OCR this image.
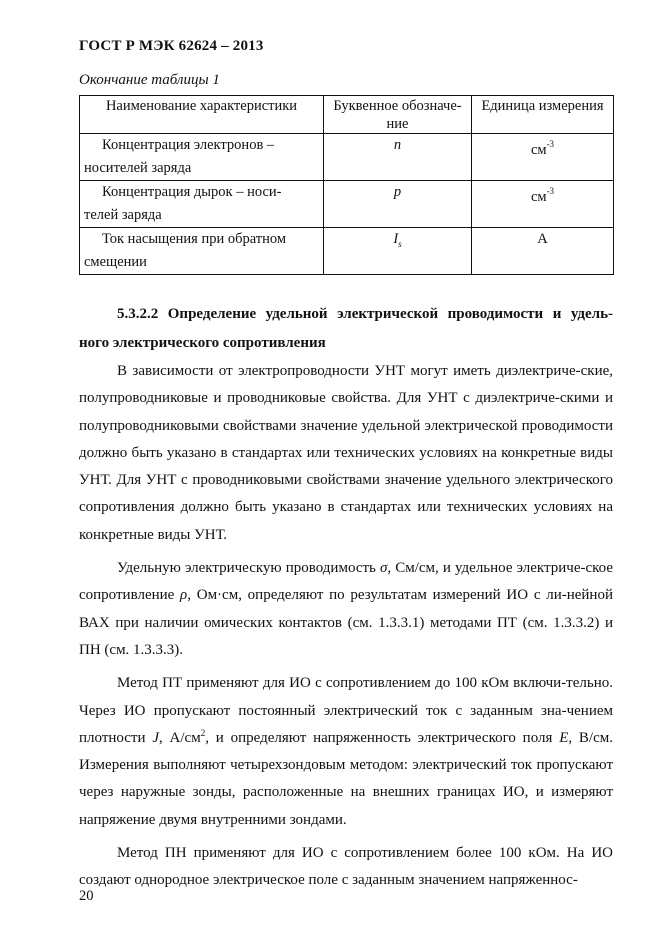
ГОСТ Р МЭК 62624 – 2013
Окончание таблицы 1
Наименование характеристики	Буквенное обозначе-ние	Единица измерения

Концентрация электронов –
носителей заряда	n	$см^{-3}$

Концентрация дырок – носи-
телей заряда	p	$см^{-3}$

Ток насыщения при обратном
смещении	$I_s$	А
5.3.2.2 Определение удельной электрической проводимости и удель-
ного электрического сопротивления

В зависимости от электропроводности УНТ могут иметь диэлектриче-ские, полупроводниковые и проводниковые свойства. Для УНТ с диэлектриче-скими и полупроводниковыми свойствами значение удельной электрической проводимости должно быть указано в стандартах или технических условиях на конкретные виды УНТ. Для УНТ с проводниковыми свойствами значение удельного электрического сопротивления должно быть указано в стандартах или технических условиях на конкретные виды УНТ.

Удельную электрическую проводимость σ, См/см, и удельное электриче-ское сопротивление ρ, Ом·см, определяют по результатам измерений ИО с ли-нейной ВАХ при наличии омических контактов (см. 1.3.3.1) методами ПТ (см. 1.3.3.2) и ПН (см. 1.3.3.3).

Метод ПТ применяют для ИО с сопротивлением до 100 кОм включи-тельно. Через ИО пропускают постоянный электрический ток с заданным зна-чением плотности J, $А/см^2$, и определяют напряженность электрического поля E, В/см. Измерения выполняют четырехзондовым методом: электрический ток пропускают через наружные зонды, расположенные на внешних границах ИО, и измеряют напряжение двумя внутренними зондами.

Метод ПН применяют для ИО с сопротивлением более 100 кОм. На ИО создают однородное электрическое поле с заданным значением напряженнос-

20
